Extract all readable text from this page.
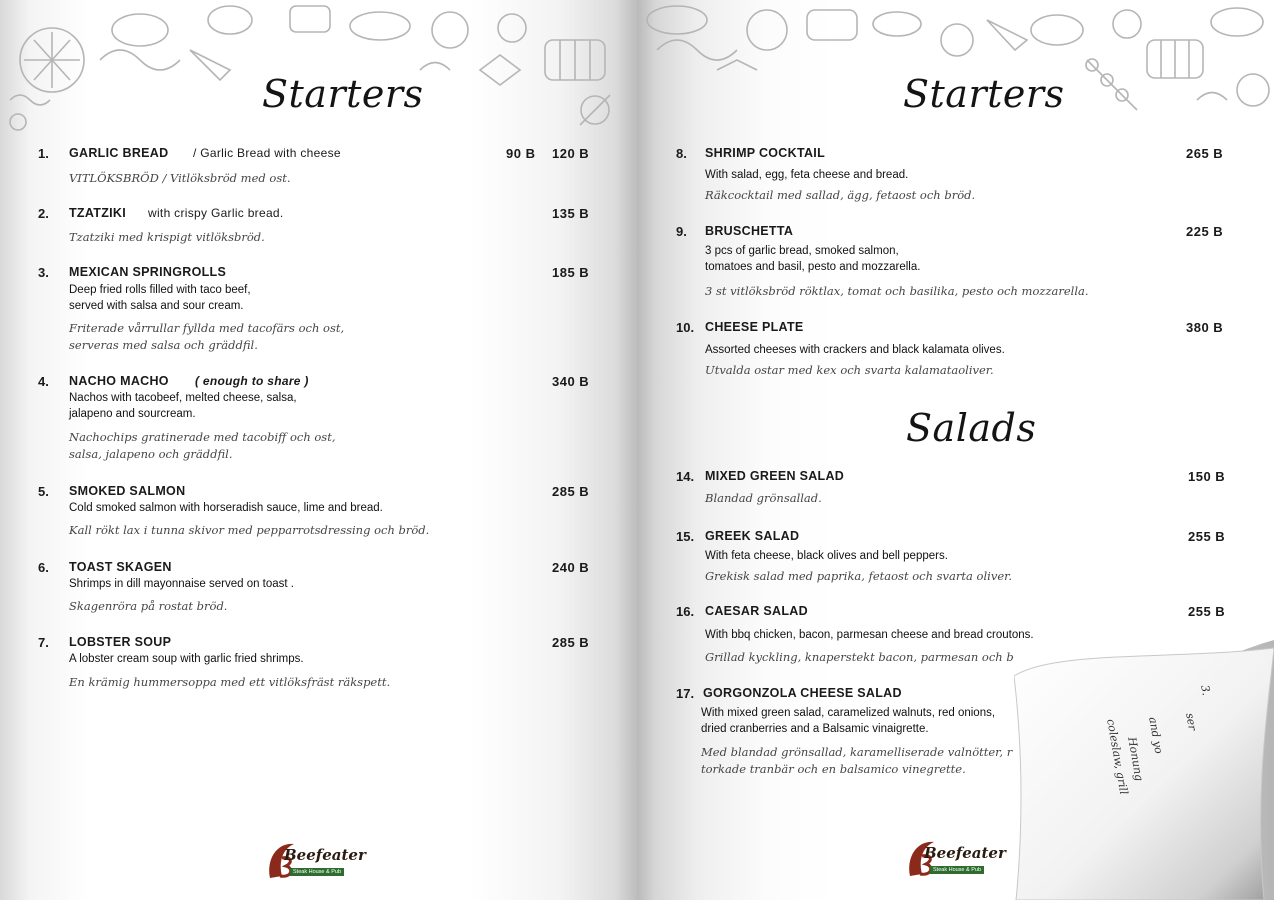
Starters
1. GARLIC BREAD / Garlic Bread with cheese
VITLÖKSBRÖD / Vitlöksbröd med ost.
90 B 120 B
2. TZATZIKI with crispy Garlic bread.
Tzatziki med krispigt vitlöksbröd.
135 B
3. MEXICAN SPRINGROLLS
Deep fried rolls filled with taco beef,
served with salsa and sour cream.
Friterade vårrullar fyllda med tacofärs och ost,
serveras med salsa och gräddfil.
185 B
4. NACHO MACHO ( enough to share )
Nachos with tacobeef, melted cheese, salsa,
jalapeno and sourcream.
Nachochips gratinerade med tacobiff och ost,
salsa, jalapeno och gräddfil.
340 B
5. SMOKED SALMON
Cold smoked salmon with horseradish sauce, lime and bread.
Kall rökt lax i tunna skivor med pepparrotsdressing och bröd.
285 B
6. TOAST SKAGEN
Shrimps in dill mayonnaise served on toast .
Skagenröra på rostat bröd.
240 B
7. LOBSTER SOUP
A lobster cream soup with garlic fried shrimps.
En krämig hummersoppa med ett vitlöksfräst räkspett.
285 B
Beefeater
Steak House & Pub
Starters
8. SHRIMP COCKTAIL
With salad, egg, feta cheese and bread.
Räkcocktail med sallad, ägg, fetaost och bröd.
265 B
9. BRUSCHETTA
3 pcs of garlic bread, smoked salmon,
tomatoes and basil, pesto and mozzarella.
3 st vitlöksbröd röktlax, tomat och basilika, pesto och mozzarella.
225 B
10. CHEESE PLATE
Assorted cheeses with crackers and black kalamata olives.
Utvalda ostar med kex och svarta kalamataoliver.
380 B
Salads
14. MIXED GREEN SALAD
Blandad grönsallad.
150 B
15. GREEK SALAD
With feta cheese, black olives and bell peppers.
Grekisk salad med paprika, fetaost och svarta oliver.
255 B
16. CAESAR SALAD
With bbq chicken, bacon, parmesan cheese and bread croutons.
Grillad kyckling, knaperstekt bacon, parmesan och b
255 B
17. GORGONZOLA CHEESE SALAD
With mixed green salad, caramelized walnuts, red onions,
dried cranberries and a Balsamic vinaigrette.
Med blandad grönsallad, karamelliserade valnötter, r
torkade tranbär och en balsamico vinegrette.
Beefeater
Steak House & Pub
3.
ser
and yo
Honung
coleslaw, grill
